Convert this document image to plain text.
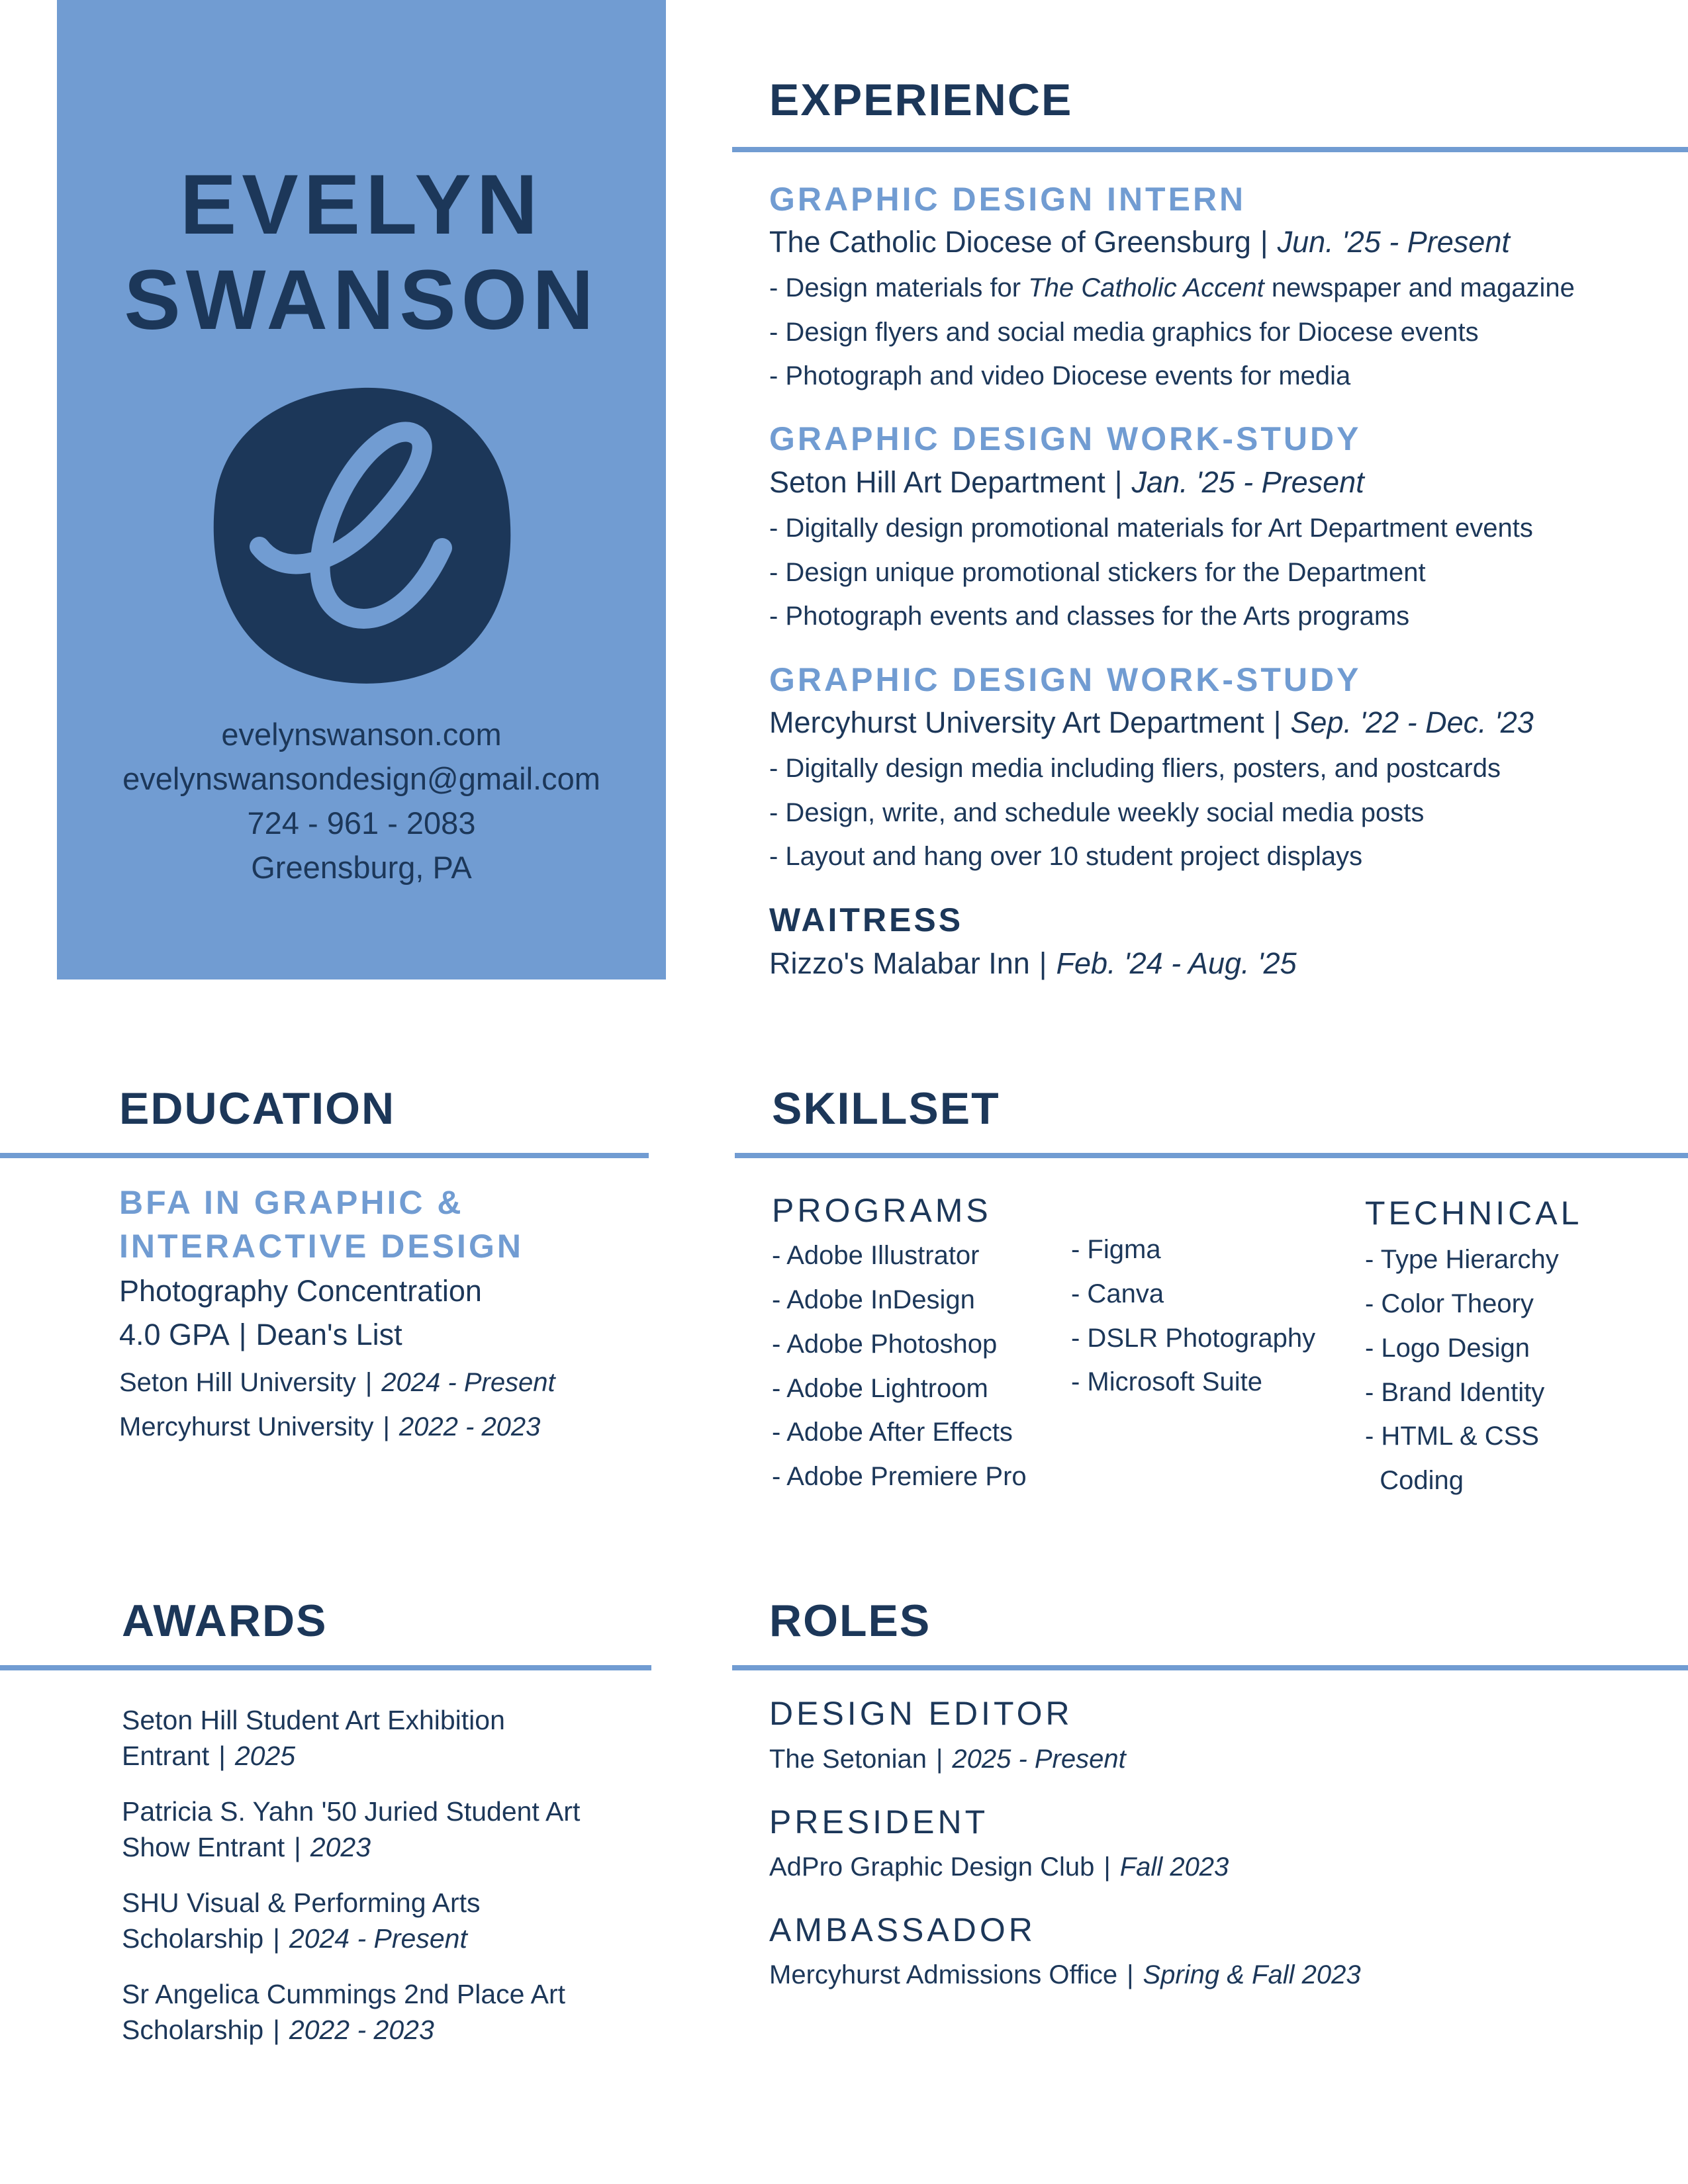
EVELYN
SWANSON
evelynswanson.com
evelynswansondesign@gmail.com
724 - 961 - 2083
Greensburg, PA
EXPERIENCE
GRAPHIC DESIGN INTERN
The Catholic Diocese of Greensburg | Jun. '25 - Present
- Design materials for The Catholic Accent newspaper and magazine
- Design flyers and social media graphics for Diocese events
- Photograph and video Diocese events for media
GRAPHIC DESIGN WORK-STUDY
Seton Hill Art Department | Jan. '25 - Present
- Digitally design promotional materials for Art Department events
- Design unique promotional stickers for the Department
- Photograph events and classes for the Arts programs
GRAPHIC DESIGN WORK-STUDY
Mercyhurst University Art Department | Sep. '22 - Dec. '23
- Digitally design media including fliers, posters, and postcards
- Design, write, and schedule weekly social media posts
- Layout and hang over 10 student project displays
WAITRESS
Rizzo's Malabar Inn | Feb. '24 - Aug. '25
EDUCATION
BFA IN GRAPHIC &
INTERACTIVE DESIGN
Photography Concentration
4.0 GPA | Dean's List
Seton Hill University | 2024 - Present
Mercyhurst University | 2022 - 2023
SKILLSET
PROGRAMS	TECHNICAL
- Adobe Illustrator
- Adobe InDesign
- Adobe Photoshop
- Adobe Lightroom
- Adobe After Effects
- Adobe Premiere Pro
- Figma
- Canva
- DSLR Photography
- Microsoft Suite
- Type Hierarchy
- Color Theory
- Logo Design
- Brand Identity
- HTML & CSS
Coding
AWARDS
Seton Hill Student Art Exhibition
Entrant | 2025
Patricia S. Yahn '50 Juried Student Art
Show Entrant | 2023
SHU Visual & Performing Arts
Scholarship | 2024 - Present
Sr Angelica Cummings 2nd Place Art
Scholarship | 2022 - 2023
ROLES
DESIGN EDITOR
The Setonian | 2025 - Present
PRESIDENT
AdPro Graphic Design Club | Fall 2023
AMBASSADOR
Mercyhurst Admissions Office | Spring & Fall 2023
